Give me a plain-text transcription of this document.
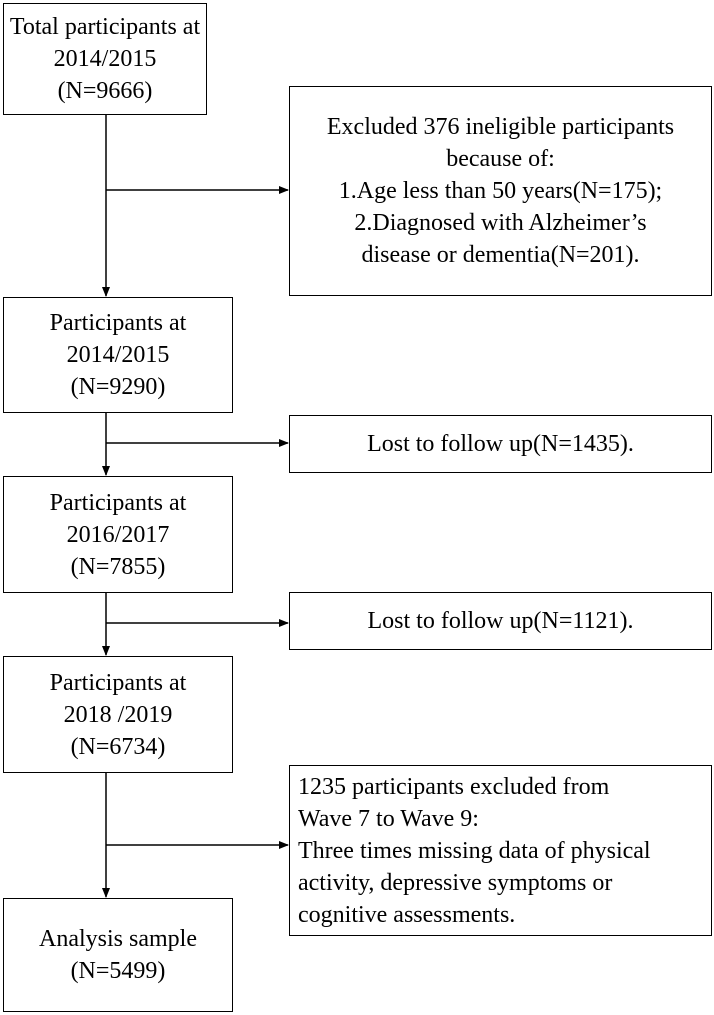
Total participants at
2014/2015
(N=9666)
Excluded 376 ineligible participants
because of:
1.Age less than 50 years(N=175);
2.Diagnosed with Alzheimer’s
disease or dementia(N=201).
Participants at
2014/2015
(N=9290)
Lost to follow up(N=1435).
Participants at
2016/2017
(N=7855)
Lost to follow up(N=1121).
Participants at
2018 /2019
(N=6734)
1235 participants excluded from
Wave 7 to Wave 9:
Three times missing data of physical
activity, depressive symptoms or
cognitive assessments.
Analysis sample
(N=5499)
